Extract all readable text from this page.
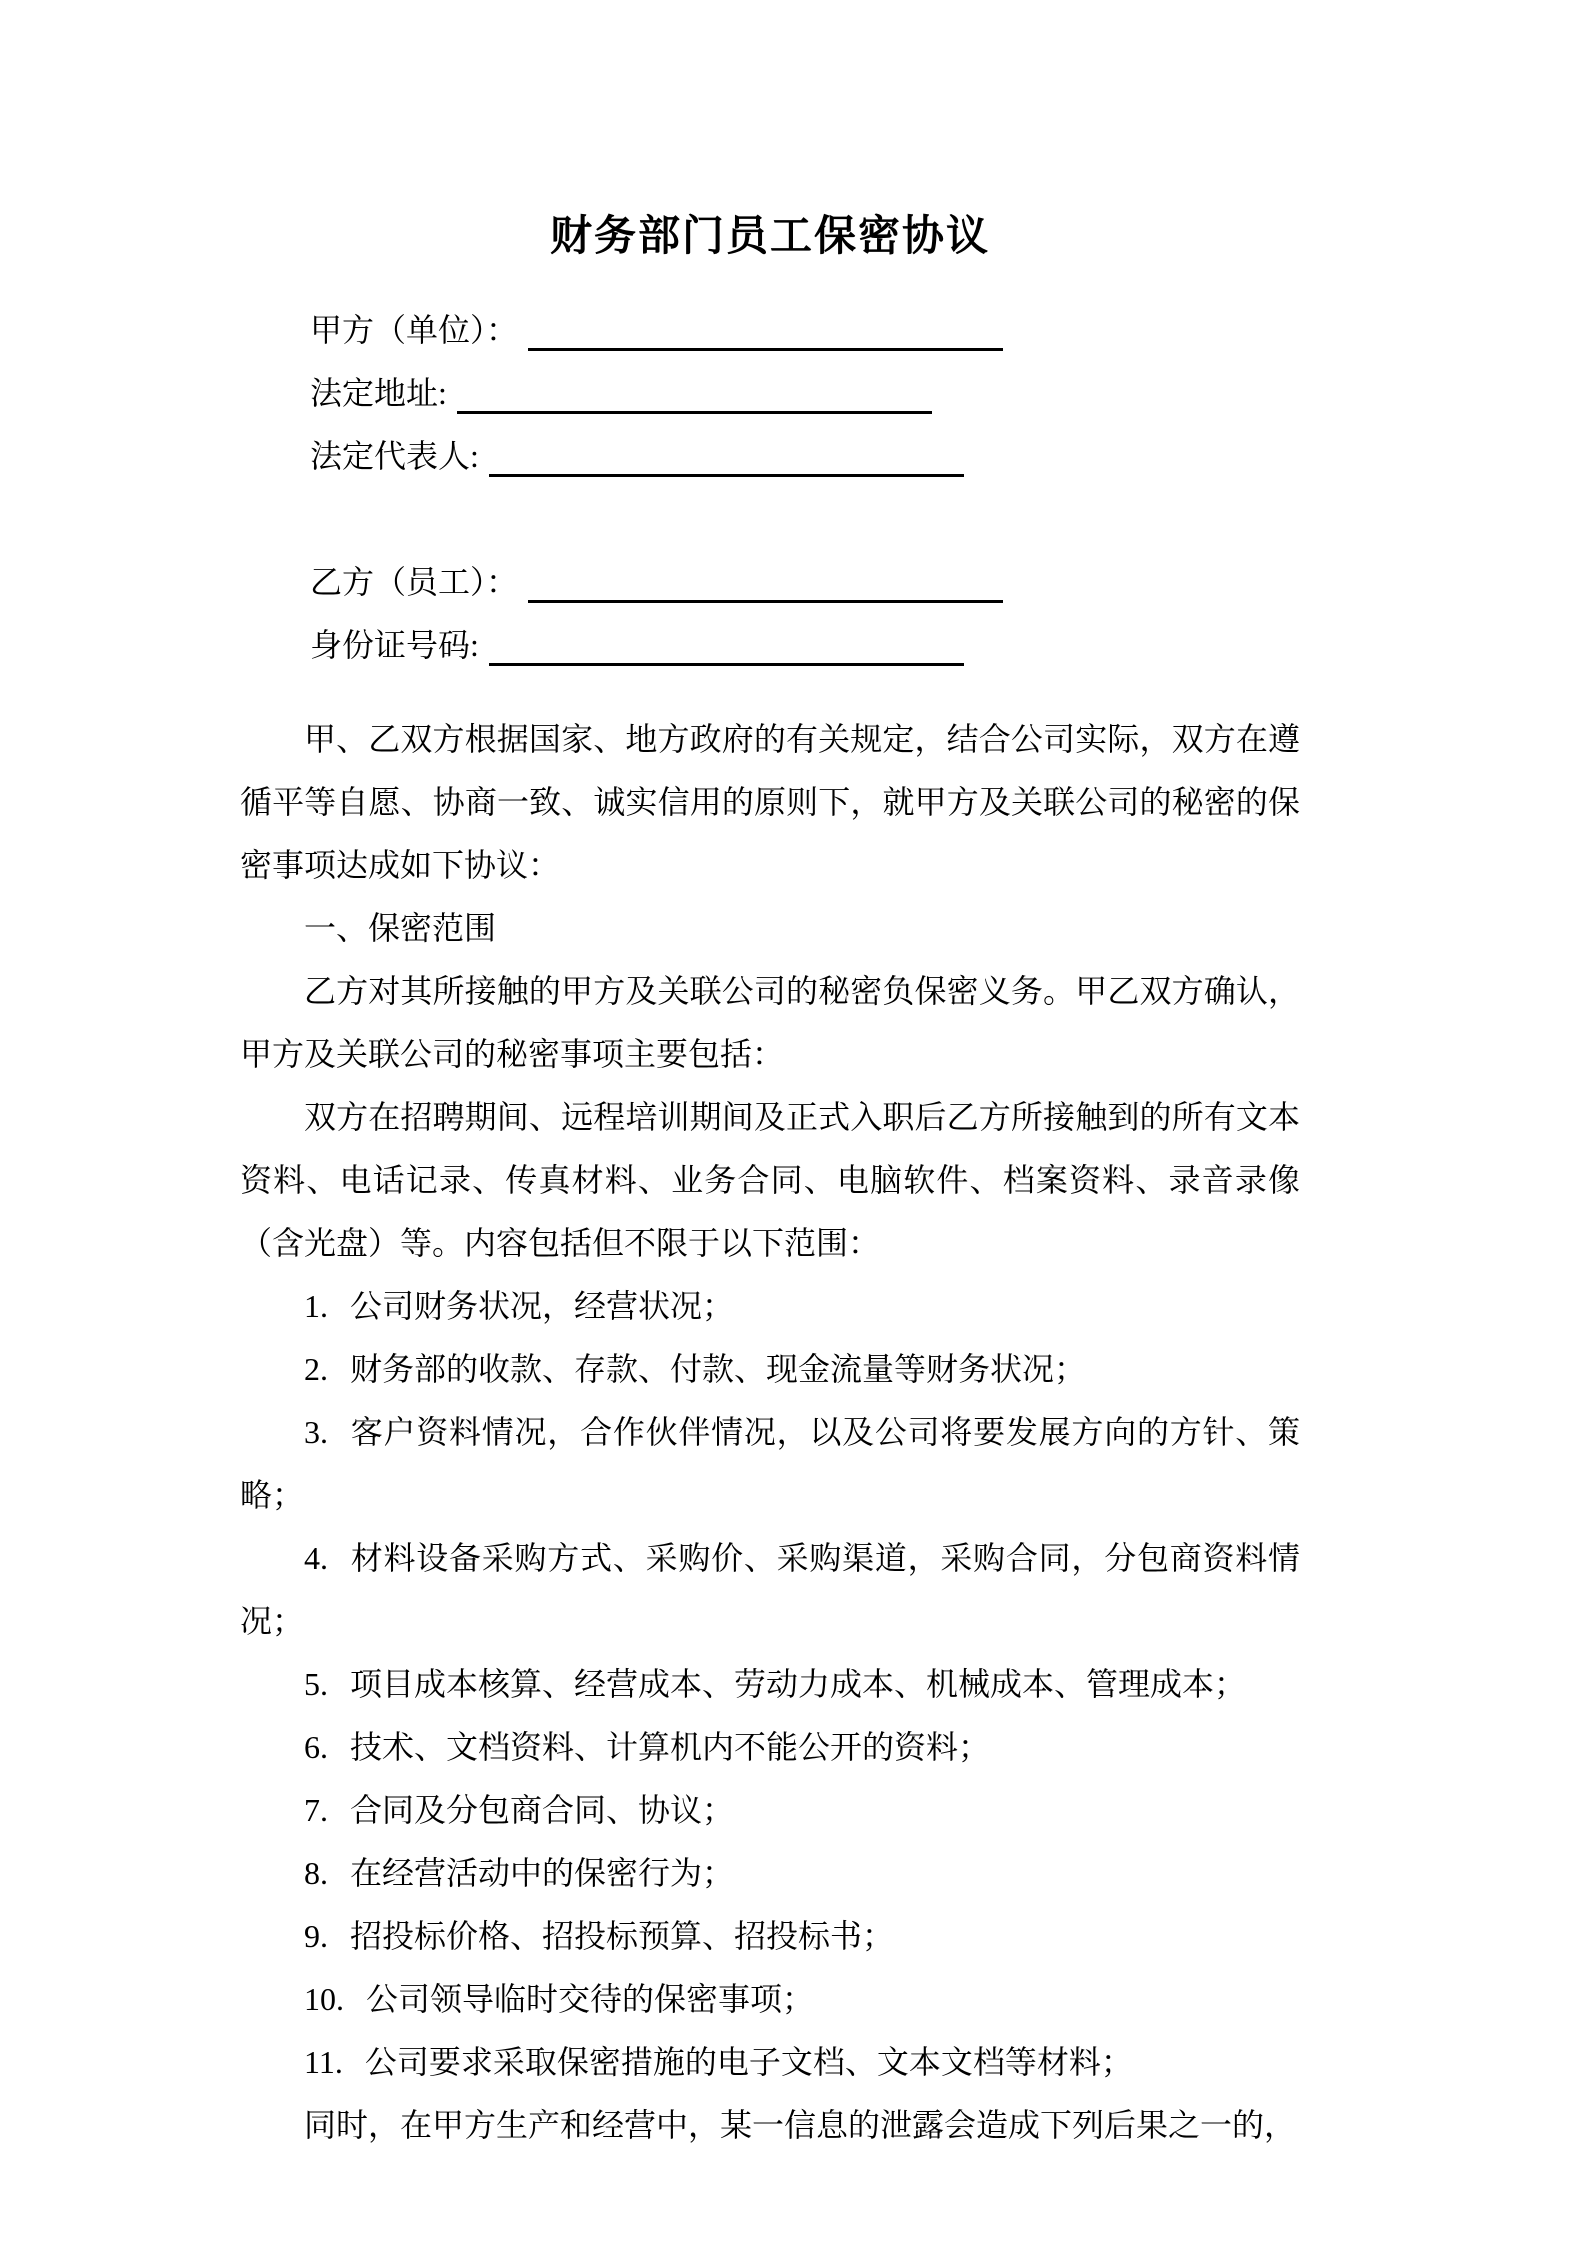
财务部门员工保密协议
甲方（单位）：
法定地址:
法定代表人:
乙方（员工）：
身份证号码:

甲、乙双方根据国家、地方政府的有关规定，结合公司实际，双方在遵循平等自愿、协商一致、诚实信用的原则下，就甲方及关联公司的秘密的保密事项达成如下协议：

一、保密范围

乙方对其所接触的甲方及关联公司的秘密负保密义务。甲乙双方确认，甲方及关联公司的秘密事项主要包括：

双方在招聘期间、远程培训期间及正式入职后乙方所接触到的所有文本资料、电话记录、传真材料、业务合同、电脑软件、档案资料、录音录像（含光盘）等。内容包括但不限于以下范围：

1. 公司财务状况，经营状况；
2. 财务部的收款、存款、付款、现金流量等财务状况；
3. 客户资料情况，合作伙伴情况，以及公司将要发展方向的方针、策略；
4. 材料设备采购方式、采购价、采购渠道，采购合同，分包商资料情况；
5. 项目成本核算、经营成本、劳动力成本、机械成本、管理成本；
6. 技术、文档资料、计算机内不能公开的资料；
7. 合同及分包商合同、协议；
8. 在经营活动中的保密行为；
9. 招投标价格、招投标预算、招投标书；
10. 公司领导临时交待的保密事项；
11. 公司要求采取保密措施的电子文档、文本文档等材料；

同时，在甲方生产和经营中，某一信息的泄露会造成下列后果之一的，
